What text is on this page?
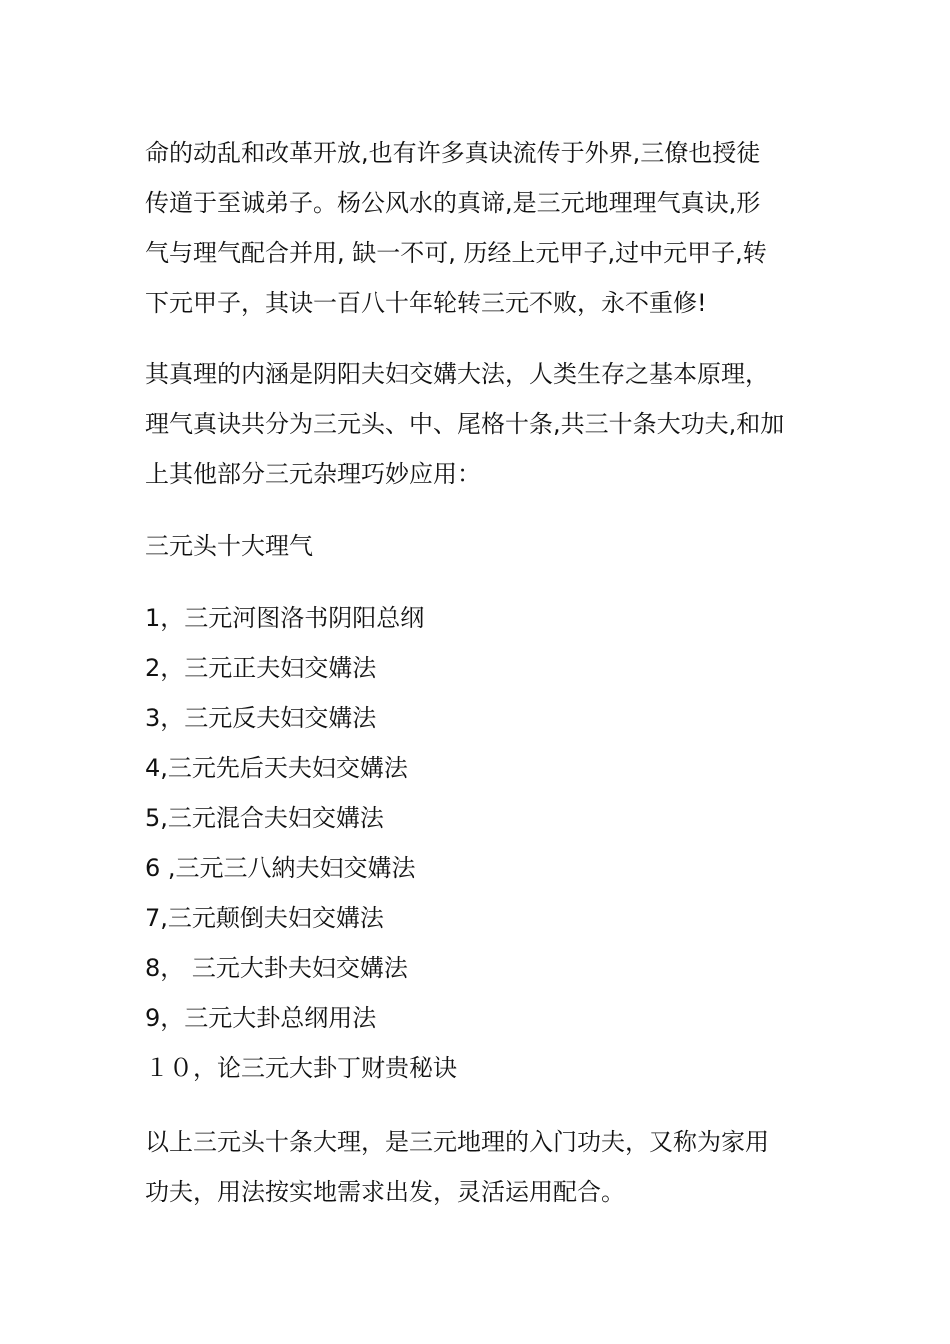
命的动乱和改革开放,也有许多真诀流传于外界,三僚也授徒
传道于至诚弟子。杨公风水的真谛,是三元地理理气真诀,形
气与理气配合并用, 缺一不可, 历经上元甲子,过中元甲子,转
下元甲子，其诀一百八十年轮转三元不败，永不重修!
其真理的内涵是阴阳夫妇交媾大法，人类生存之基本原理，
理气真诀共分为三元头、中、尾格十条,共三十条大功夫,和加
上其他部分三元杂理巧妙应用：
三元头十大理气
1，三元河图洛书阴阳总纲
2，三元正夫妇交媾法
3，三元反夫妇交媾法
4,三元先后天夫妇交媾法
5,三元混合夫妇交媾法
6 ,三元三八納夫妇交媾法
7,三元颠倒夫妇交媾法
8， 三元大卦夫妇交媾法
9，三元大卦总纲用法
１０，论三元大卦丁财贵秘诀
以上三元头十条大理，是三元地理的入门功夫，又称为家用
功夫，用法按实地需求出发，灵活运用配合。
